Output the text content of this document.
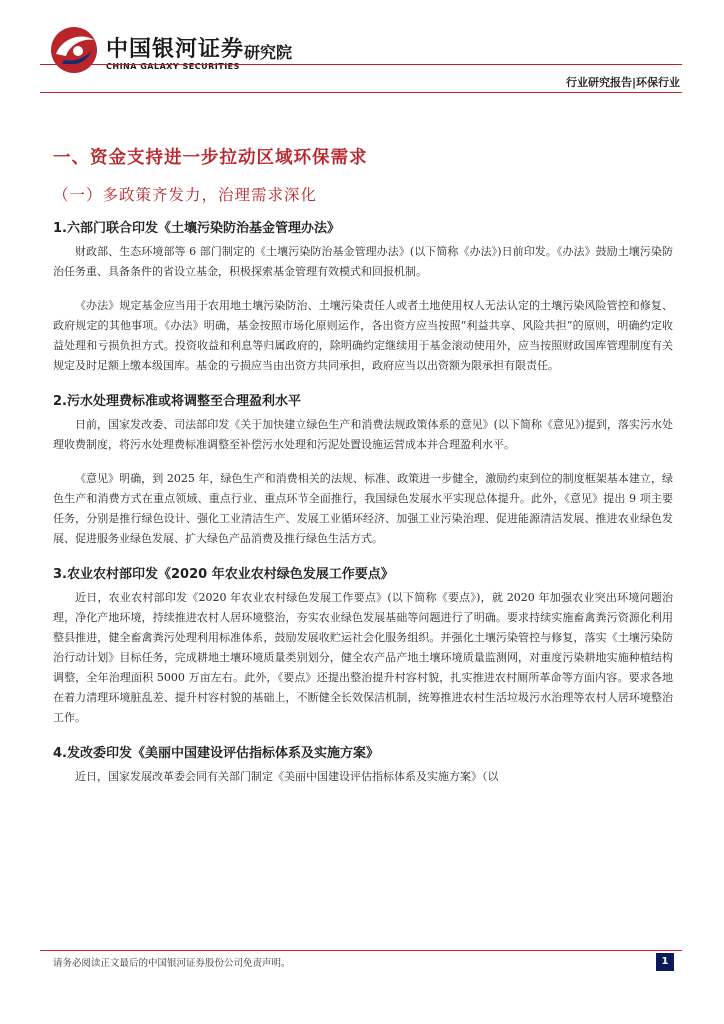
中国银河证券
CHINA GALAXY SECURITIES
研究院
行业研究报告|环保行业
一、资金支持进一步拉动区域环保需求
（一）多政策齐发力，治理需求深化
1.六部门联合印发《土壤污染防治基金管理办法》

财政部、生态环境部等 6 部门制定的《土壤污染防治基金管理办法》(以下简称《办法》)日前印发。《办法》鼓励土壤污染防治任务重、具备条件的省设立基金，积极探索基金管理有效模式和回报机制。

《办法》规定基金应当用于农用地土壤污染防治、土壤污染责任人或者土地使用权人无法认定的土壤污染风险管控和修复、政府规定的其他事项。《办法》明确，基金按照市场化原则运作，各出资方应当按照“利益共享、风险共担”的原则，明确约定收益处理和亏损负担方式。投资收益和利息等归属政府的，除明确约定继续用于基金滚动使用外，应当按照财政国库管理制度有关规定及时足额上缴本级国库。基金的亏损应当由出资方共同承担，政府应当以出资额为限承担有限责任。

2.污水处理费标准或将调整至合理盈利水平

日前，国家发改委、司法部印发《关于加快建立绿色生产和消费法规政策体系的意见》(以下简称《意见》)提到，落实污水处理收费制度，将污水处理费标准调整至补偿污水处理和污泥处置设施运营成本并合理盈利水平。

《意见》明确，到 2025 年，绿色生产和消费相关的法规、标准、政策进一步健全，激励约束到位的制度框架基本建立，绿色生产和消费方式在重点领域、重点行业、重点环节全面推行，我国绿色发展水平实现总体提升。此外，《意见》提出 9 项主要任务，分别是推行绿色设计、强化工业清洁生产、发展工业循环经济、加强工业污染治理、促进能源清洁发展、推进农业绿色发展、促进服务业绿色发展、扩大绿色产品消费及推行绿色生活方式。

3.农业农村部印发《2020 年农业农村绿色发展工作要点》

近日，农业农村部印发《2020 年农业农村绿色发展工作要点》(以下简称《要点》)，就 2020 年加强农业突出环境问题治理，净化产地环境，持续推进农村人居环境整治，夯实农业绿色发展基础等问题进行了明确。要求持续实施畜禽粪污资源化利用整县推进，健全畜禽粪污处理利用标准体系，鼓励发展收贮运社会化服务组织。并强化土壤污染管控与修复，落实《土壤污染防治行动计划》目标任务，完成耕地土壤环境质量类别划分，健全农产品产地土壤环境质量监测网，对重度污染耕地实施种植结构调整，全年治理面积 5000 万亩左右。此外，《要点》还提出整治提升村容村貌，扎实推进农村厕所革命等方面内容。要求各地在着力清理环境脏乱差、提升村容村貌的基础上，不断健全长效保洁机制，统筹推进农村生活垃圾污水治理等农村人居环境整治工作。

4.发改委印发《美丽中国建设评估指标体系及实施方案》

近日，国家发展改革委会同有关部门制定《美丽中国建设评估指标体系及实施方案》（以

请务必阅读正文最后的中国银河证券股份公司免责声明。	1
